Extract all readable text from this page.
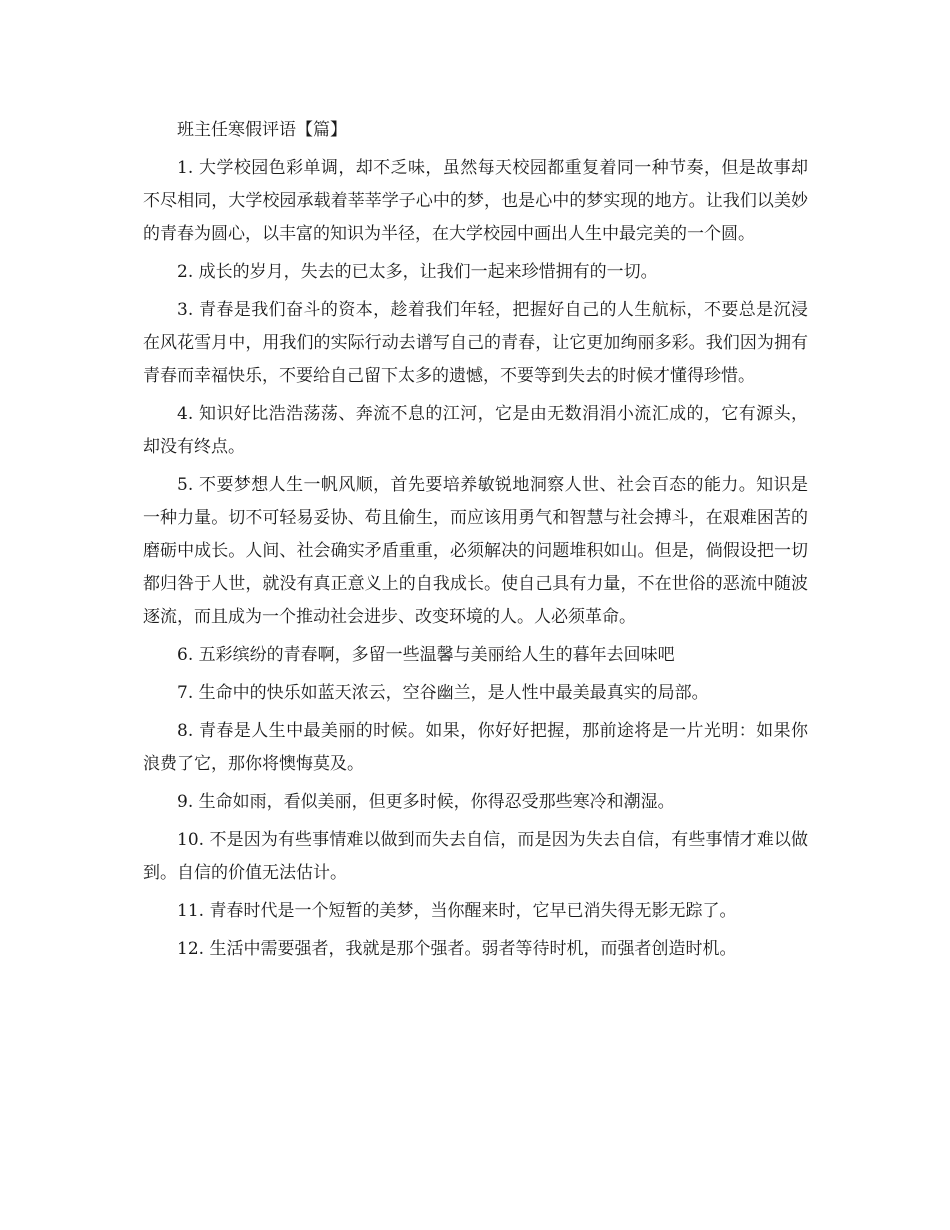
班主任寒假评语【篇】

1. 大学校园色彩单调，却不乏味，虽然每天校园都重复着同一种节奏，但是故事却不尽相同，大学校园承载着莘莘学子心中的梦，也是心中的梦实现的地方。让我们以美妙的青春为圆心，以丰富的知识为半径，在大学校园中画出人生中最完美的一个圆。

2. 成长的岁月，失去的已太多，让我们一起来珍惜拥有的一切。

3. 青春是我们奋斗的资本，趁着我们年轻，把握好自己的人生航标，不要总是沉浸在风花雪月中，用我们的实际行动去谱写自己的青春，让它更加绚丽多彩。我们因为拥有青春而幸福快乐，不要给自己留下太多的遗憾，不要等到失去的时候才懂得珍惜。

4. 知识好比浩浩荡荡、奔流不息的江河，它是由无数涓涓小流汇成的，它有源头，却没有终点。

5. 不要梦想人生一帆风顺，首先要培养敏锐地洞察人世、社会百态的能力。知识是一种力量。切不可轻易妥协、苟且偷生，而应该用勇气和智慧与社会搏斗，在艰难困苦的磨砺中成长。人间、社会确实矛盾重重，必须解决的问题堆积如山。但是，倘假设把一切都归咎于人世，就没有真正意义上的自我成长。使自己具有力量，不在世俗的恶流中随波逐流，而且成为一个推动社会进步、改变环境的人。人必须革命。

6. 五彩缤纷的青春啊，多留一些温馨与美丽给人生的暮年去回味吧

7. 生命中的快乐如蓝天浓云，空谷幽兰，是人性中最美最真实的局部。

8. 青春是人生中最美丽的时候。如果，你好好把握，那前途将是一片光明：如果你浪费了它，那你将懊悔莫及。

9. 生命如雨，看似美丽，但更多时候，你得忍受那些寒冷和潮湿。

10. 不是因为有些事情难以做到而失去自信，而是因为失去自信，有些事情才难以做到。自信的价值无法估计。

11. 青春时代是一个短暂的美梦，当你醒来时，它早已消失得无影无踪了。

12. 生活中需要强者，我就是那个强者。弱者等待时机，而强者创造时机。
